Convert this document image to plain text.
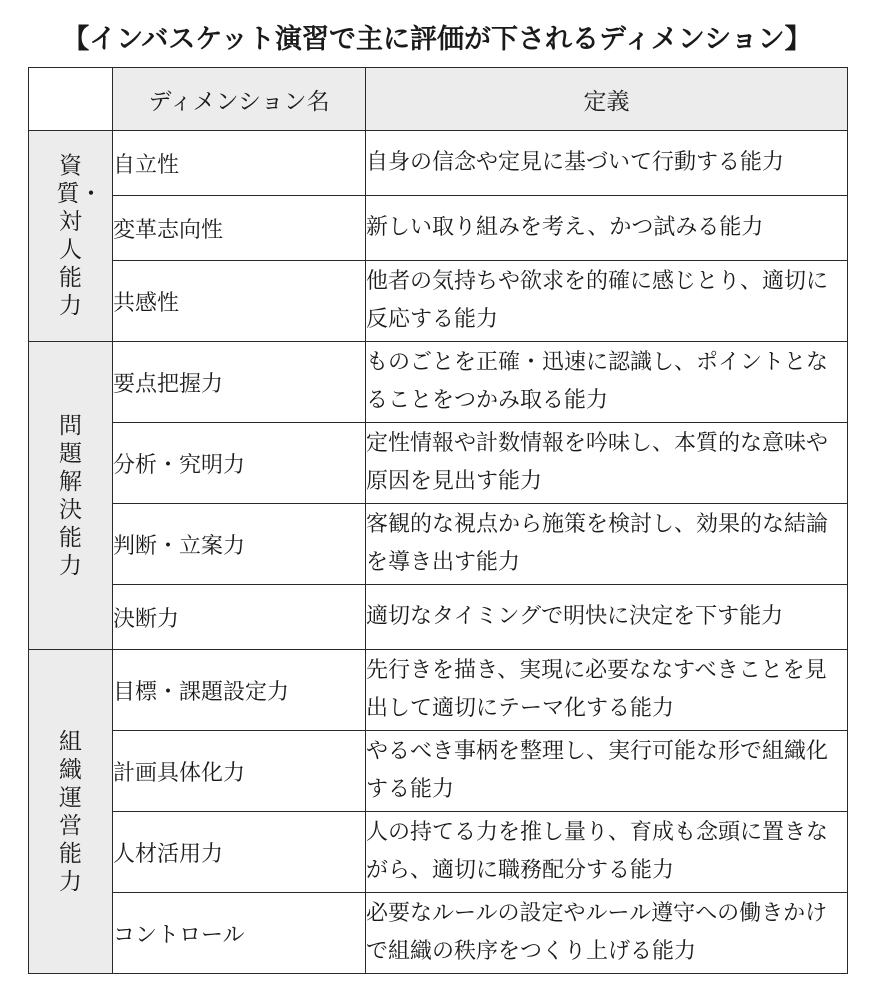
【インバスケット演習で主に評価が下されるディメンション】
	ディメンション名	定義
資質・対人能力	自立性	自身の信念や定見に基づいて行動する能力
	変革志向性	新しい取り組みを考え、かつ試みる能力
	共感性	他者の気持ちや欲求を的確に感じとり、適切に反応する能力
問題解決能力	要点把握力	ものごとを正確・迅速に認識し、ポイントとなることをつかみ取る能力
	分析・究明力	定性情報や計数情報を吟味し、本質的な意味や原因を見出す能力
	判断・立案力	客観的な視点から施策を検討し、効果的な結論を導き出す能力
	決断力	適切なタイミングで明快に決定を下す能力
組織運営能力	目標・課題設定力	先行きを描き、実現に必要ななすべきことを見出して適切にテーマ化する能力
	計画具体化力	やるべき事柄を整理し、実行可能な形で組織化する能力
	人材活用力	人の持てる力を推し量り、育成も念頭に置きながら、適切に職務配分する能力
	コントロール	必要なルールの設定やルール遵守への働きかけで組織の秩序をつくり上げる能力
